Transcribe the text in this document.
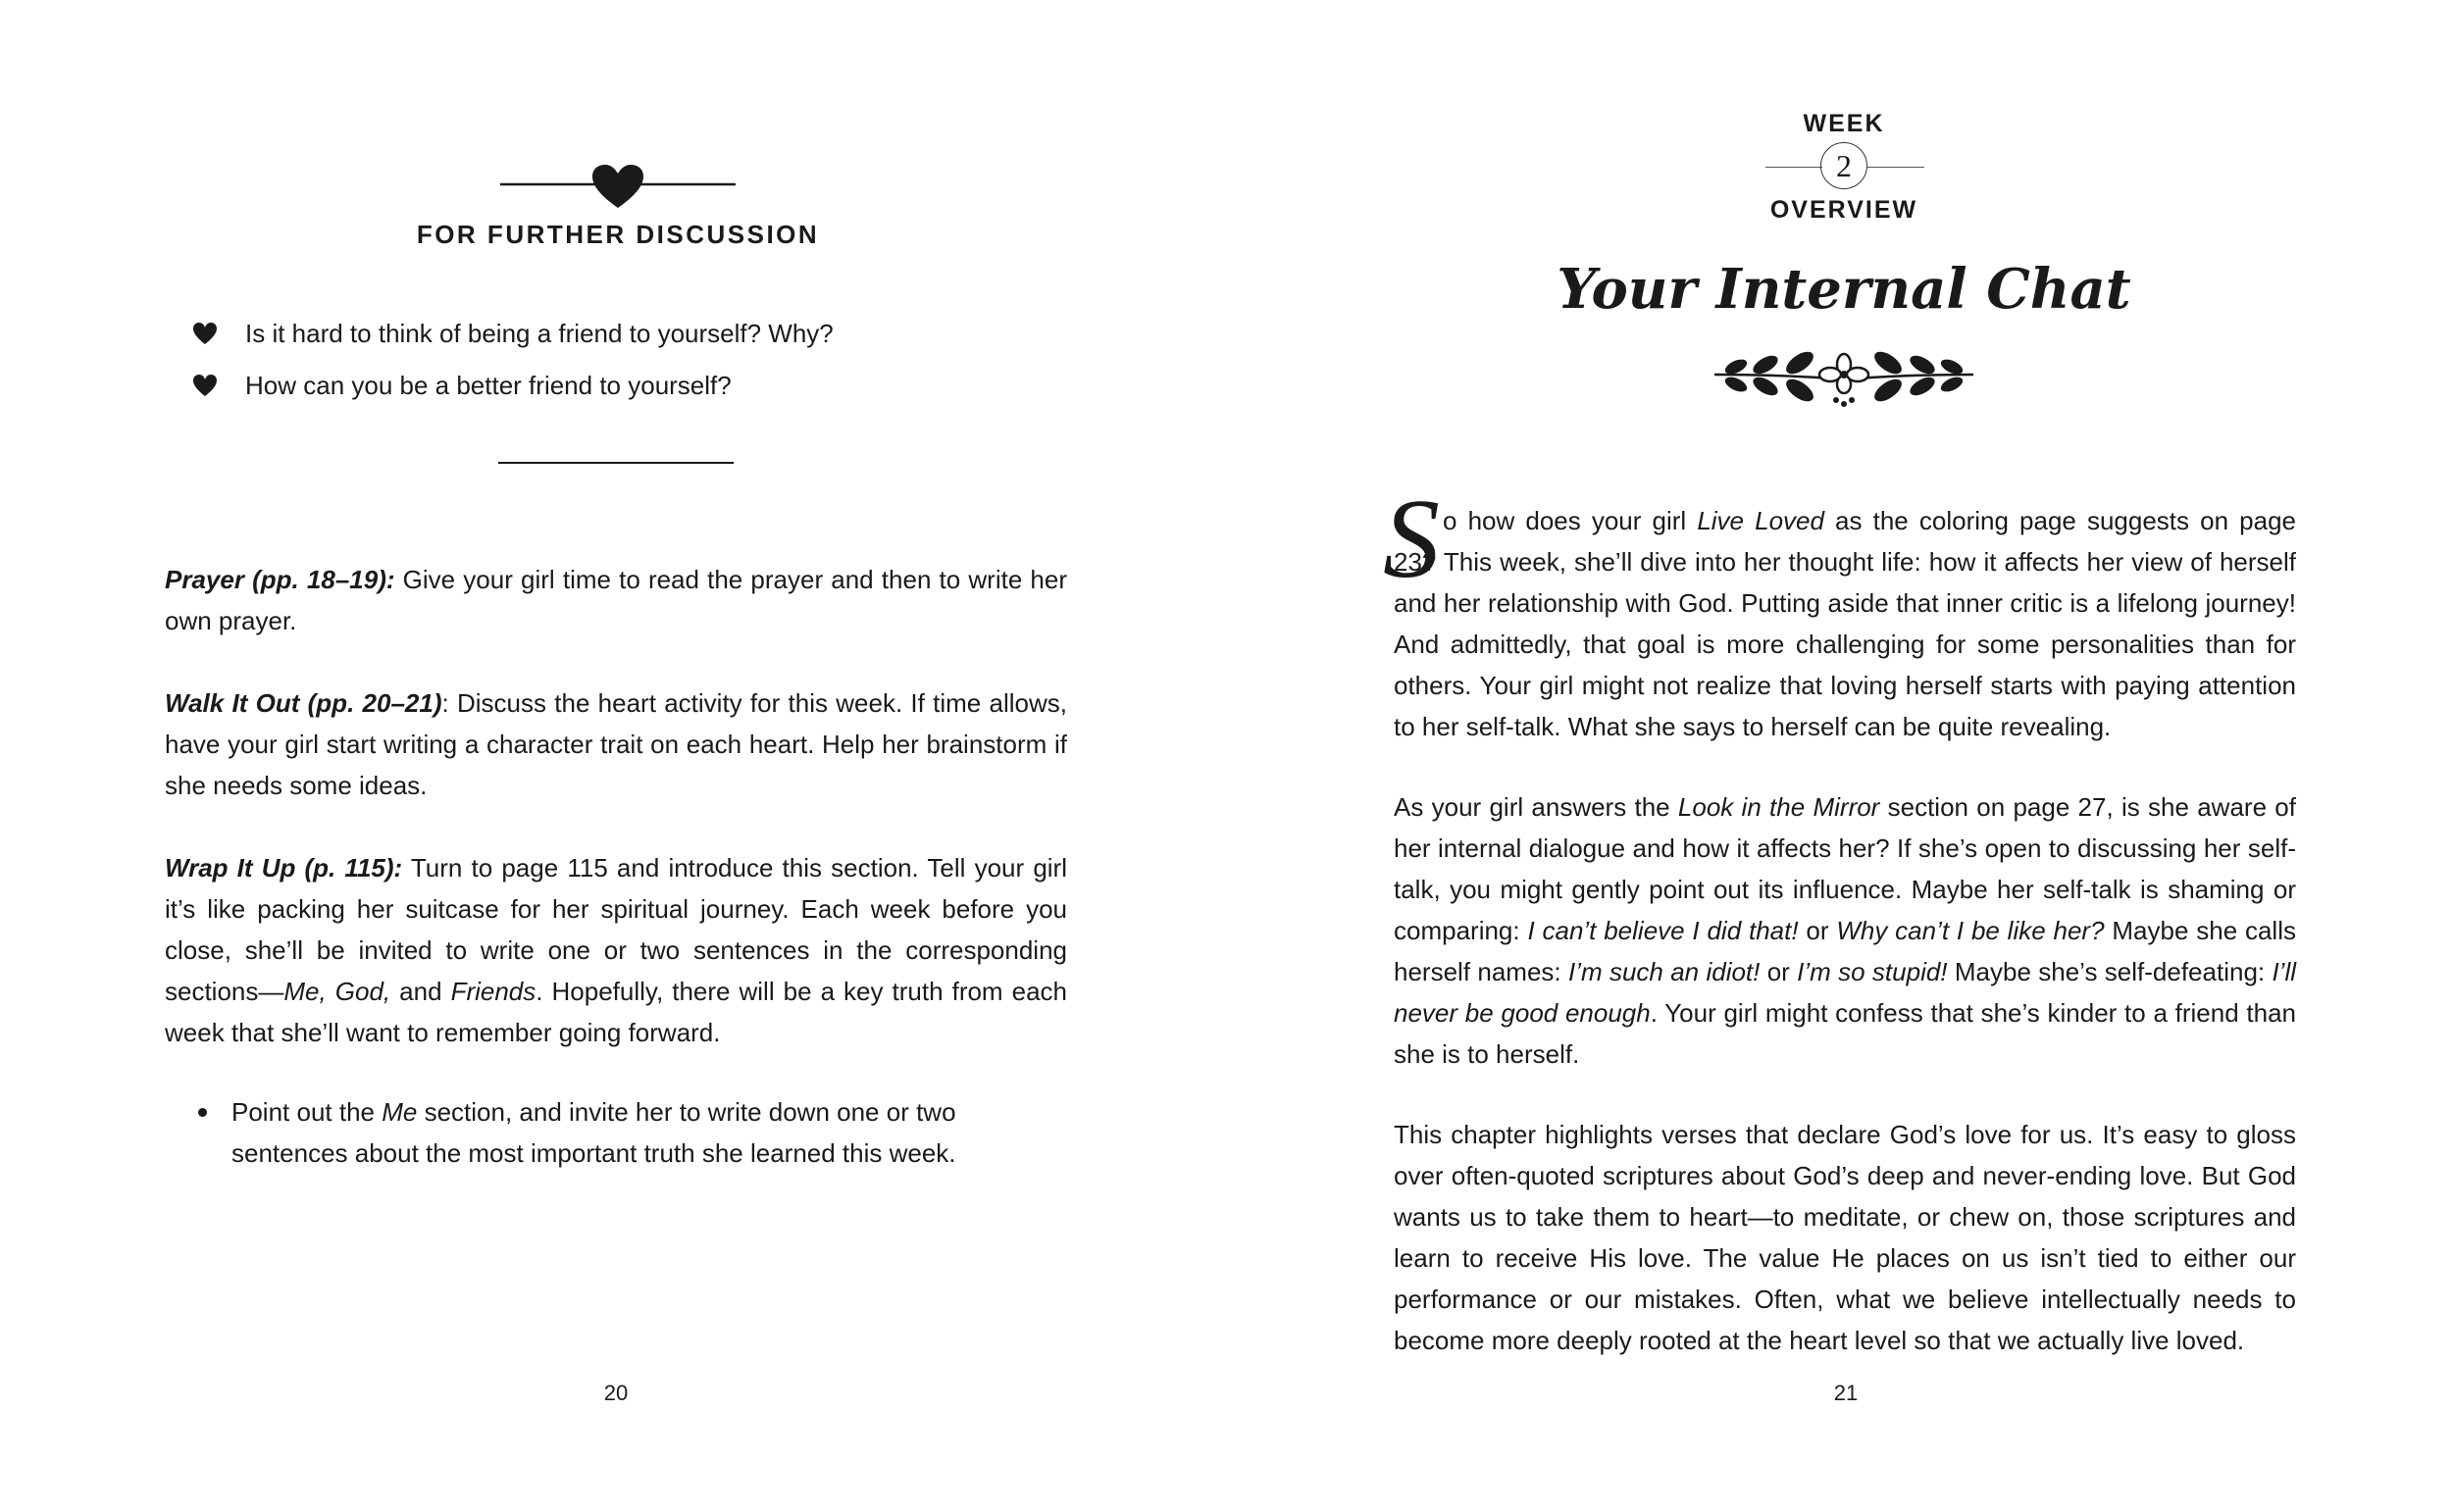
FOR FURTHER DISCUSSION
Is it hard to think of being a friend to yourself? Why?
How can you be a better friend to yourself?

Prayer (pp. 18–19): Give your girl time to read the prayer and then to write her own prayer.

Walk It Out (pp. 20–21): Discuss the heart activity for this week. If time allows, have your girl start writing a character trait on each heart. Help her brainstorm if she needs some ideas.

Wrap It Up (p. 115): Turn to page 115 and introduce this section. Tell your girl it’s like packing her suitcase for her spiritual journey. Each week before you close, she’ll be invited to write one or two sentences in the corresponding sections—Me, God, and Friends. Hopefully, there will be a key truth from each week that she’ll want to remember going forward.

Point out the Me section, and invite her to write down one or two sentences about the most important truth she learned this week.

20

WEEK

2

OVERVIEW

Your Internal Chat

S o how does your girl Live Loved as the coloring page suggests on page 23? This week, she’ll dive into her thought life: how it affects her view of herself and her relationship with God. Putting aside that inner critic is a lifelong journey! And admittedly, that goal is more challenging for some personalities than for others. Your girl might not realize that loving herself starts with paying attention to her self-talk. What she says to herself can be quite revealing.

As your girl answers the Look in the Mirror section on page 27, is she aware of her internal dialogue and how it affects her? If she’s open to discussing her self-talk, you might gently point out its influence. Maybe her self-talk is shaming or comparing: I can’t believe I did that! or Why can’t I be like her? Maybe she calls herself names: I’m such an idiot! or I’m so stupid! Maybe she’s self-defeating: I’ll never be good enough. Your girl might confess that she’s kinder to a friend than she is to herself.

This chapter highlights verses that declare God’s love for us. It’s easy to gloss over often-quoted scriptures about God’s deep and never-ending love. But God wants us to take them to heart—to meditate, or chew on, those scriptures and learn to receive His love. The value He places on us isn’t tied to either our performance or our mistakes. Often, what we believe intellectually needs to become more deeply rooted at the heart level so that we actually live loved.

21
